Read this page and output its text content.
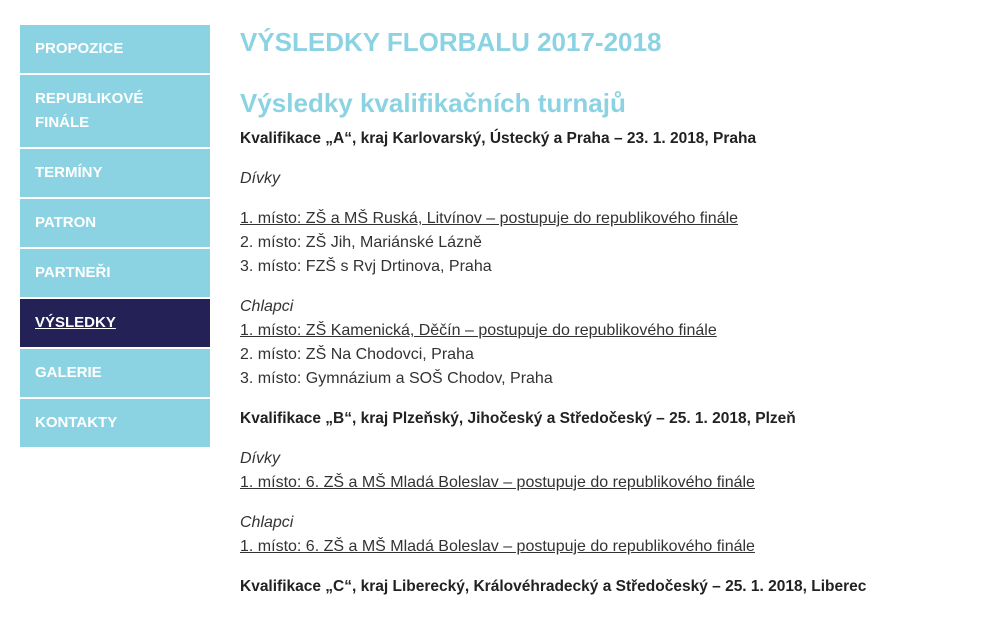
PROPOZICE
REPUBLIKOVÉ FINÁLE
TERMÍNY
PATRON
PARTNEŘI
VÝSLEDKY
GALERIE
KONTAKTY
VÝSLEDKY FLORBALU 2017-2018
Výsledky kvalifikačních turnajů
Kvalifikace „A“, kraj Karlovarský, Ústecký a Praha – 23. 1. 2018, Praha
Dívky
1. místo: ZŠ a MŠ Ruská, Litvínov – postupuje do republikového finále
2. místo: ZŠ Jih, Mariánské Lázně
3. místo: FZŠ s Rvj Drtinova, Praha
Chlapci
1. místo: ZŠ Kamenická, Děčín – postupuje do republikového finále
2. místo: ZŠ Na Chodovci, Praha
3. místo: Gymnázium a SOŠ Chodov, Praha
Kvalifikace „B“, kraj Plzeňský, Jihočeský a Středočeský – 25. 1. 2018, Plzeň
Dívky
1. místo: 6. ZŠ a MŠ Mladá Boleslav – postupuje do republikového finále
Chlapci
1. místo: 6. ZŠ a MŠ Mladá Boleslav – postupuje do republikového finále
Kvalifikace „C“, kraj Liberecký, Královéhradecký a Středočeský – 25. 1. 2018, Liberec
